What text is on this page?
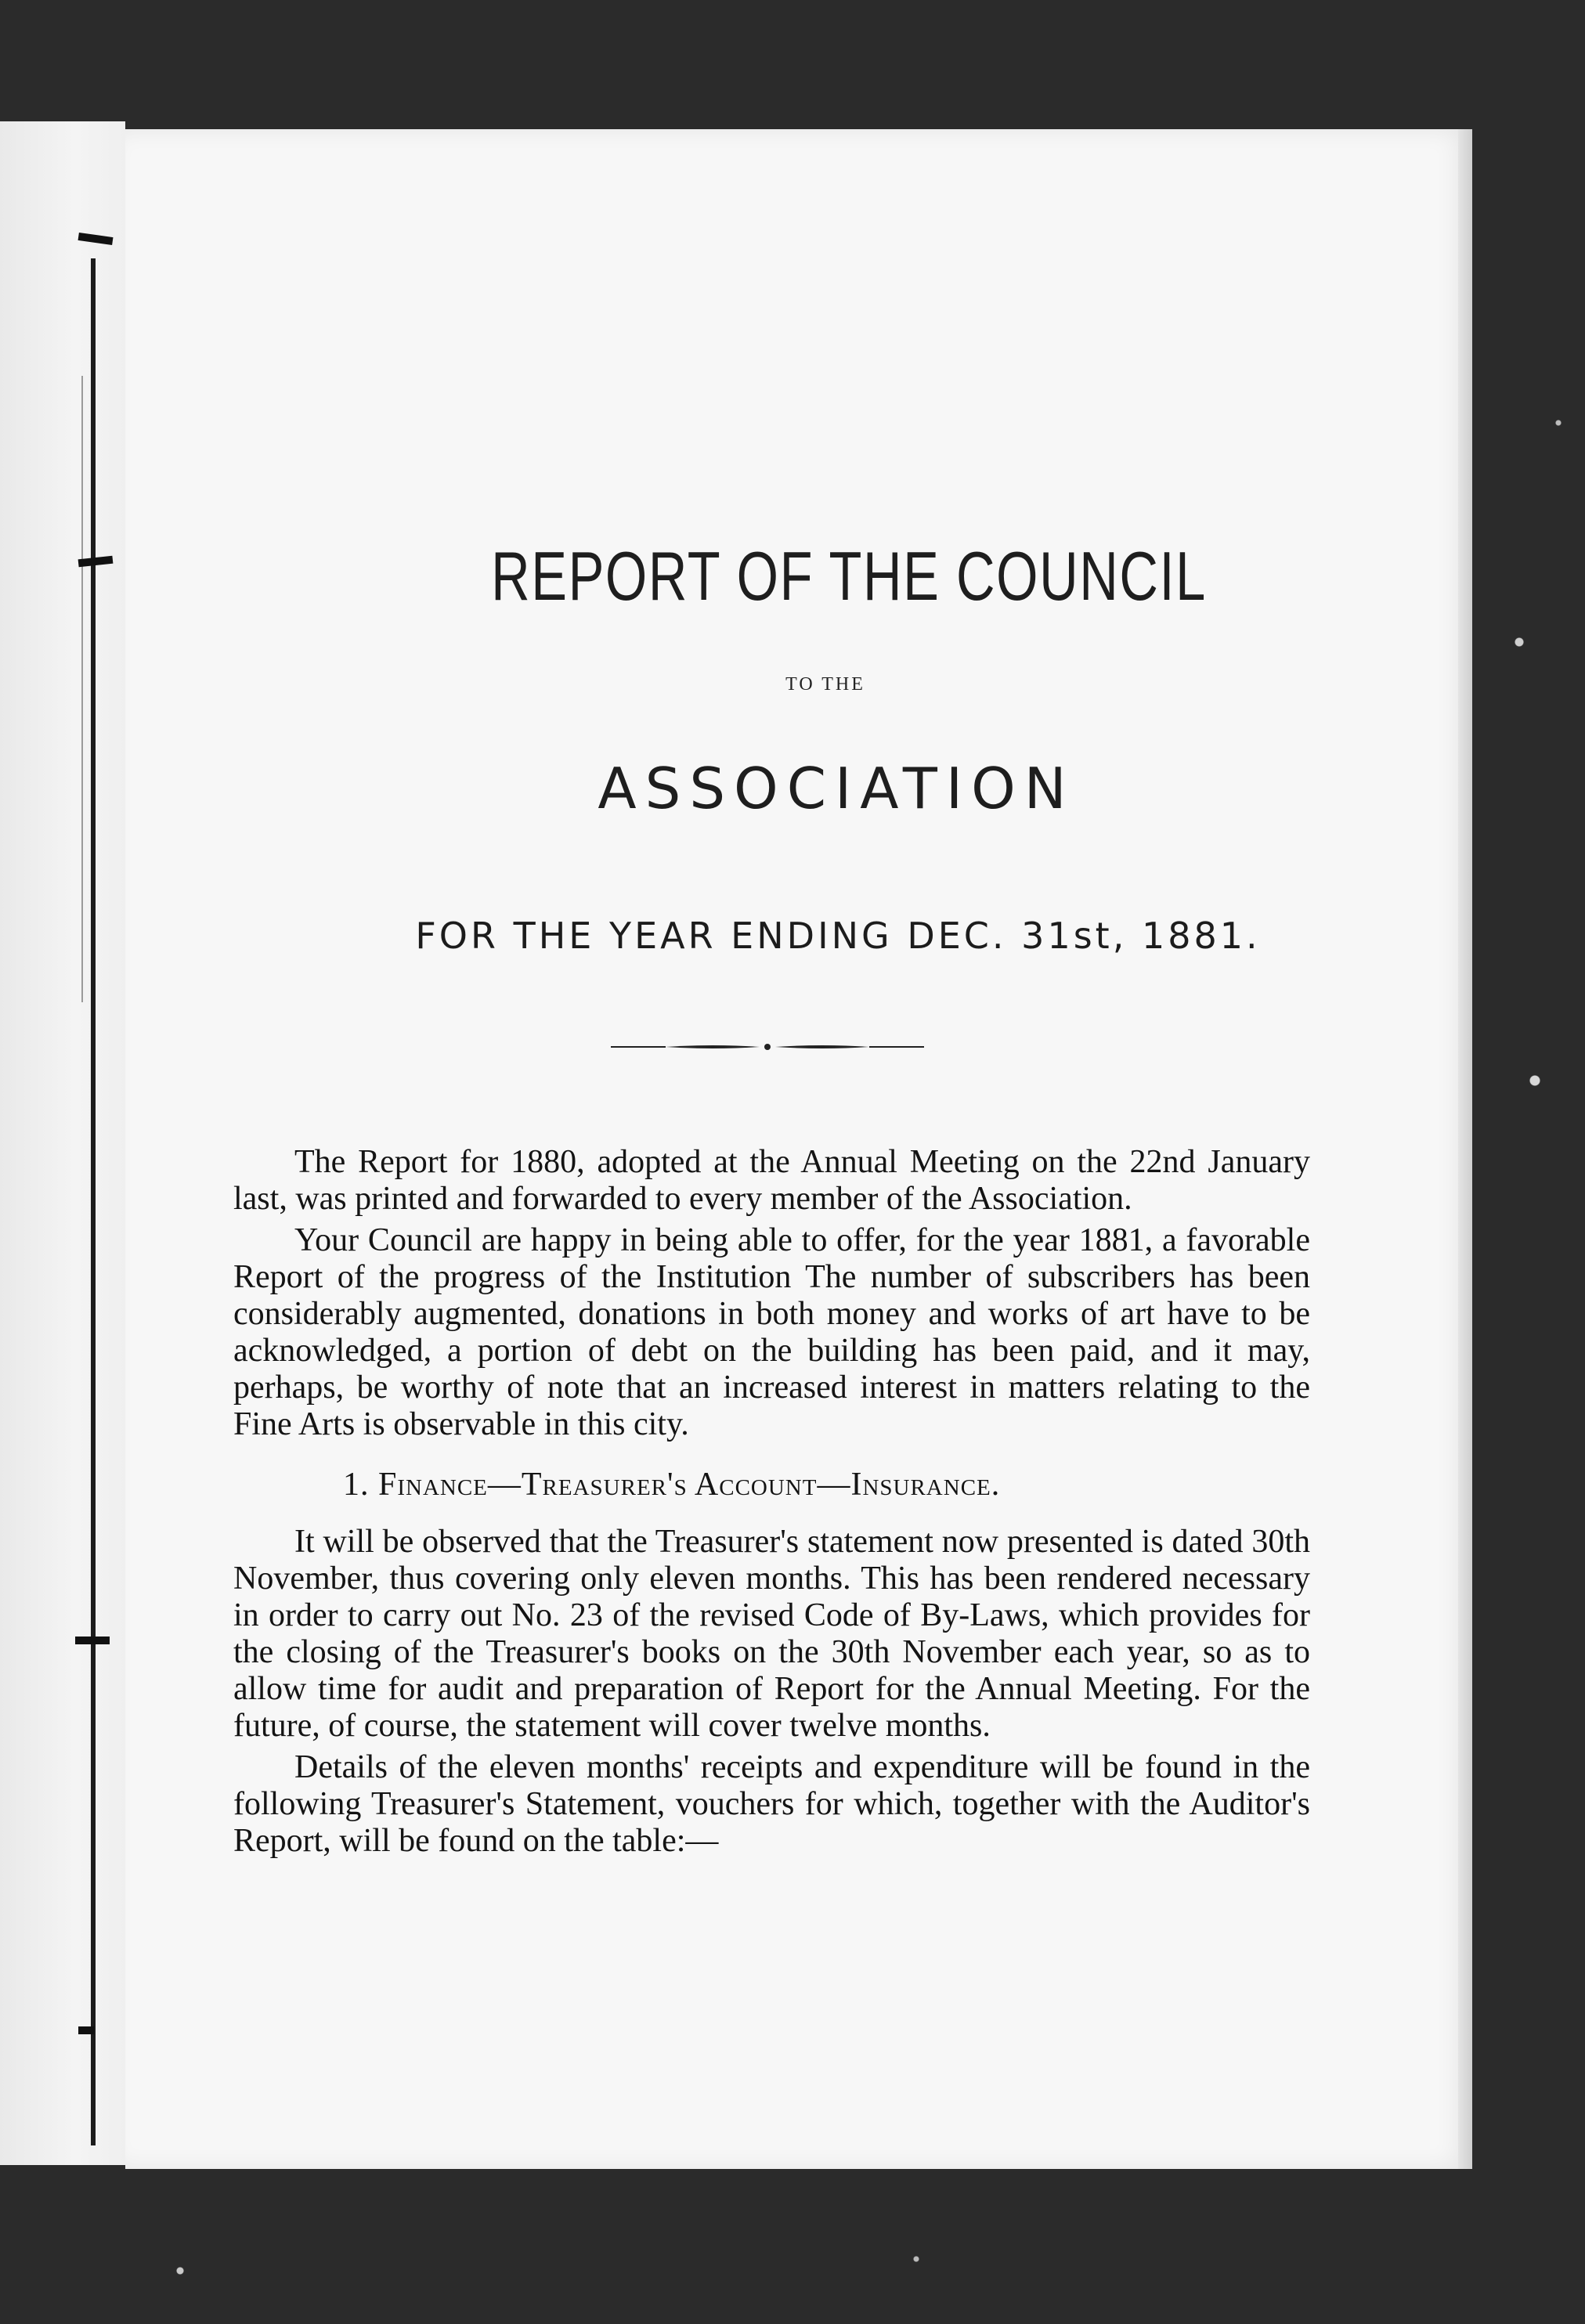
REPORT OF THE COUNCIL
TO THE
ASSOCIATION
FOR THE YEAR ENDING DEC. 31st, 1881.

The Report for 1880, adopted at the Annual Meeting on the 22nd January last, was printed and forwarded to every member of the Association.

Your Council are happy in being able to offer, for the year 1881, a favorable Report of the progress of the Institution The number of subscribers has been considerably augmented, donations in both money and works of art have to be acknowledged, a portion of debt on the building has been paid, and it may, perhaps, be worthy of note that an increased interest in matters relating to the Fine Arts is observable in this city.

1. Finance—Treasurer's Account—Insurance.

It will be observed that the Treasurer's statement now presented is dated 30th November, thus covering only eleven months. This has been rendered necessary in order to carry out No. 23 of the revised Code of By-Laws, which provides for the closing of the Treasurer's books on the 30th November each year, so as to allow time for audit and preparation of Report for the Annual Meeting. For the future, of course, the statement will cover twelve months.

Details of the eleven months' receipts and expenditure will be found in the following Treasurer's Statement, vouchers for which, together with the Auditor's Report, will be found on the table:—
